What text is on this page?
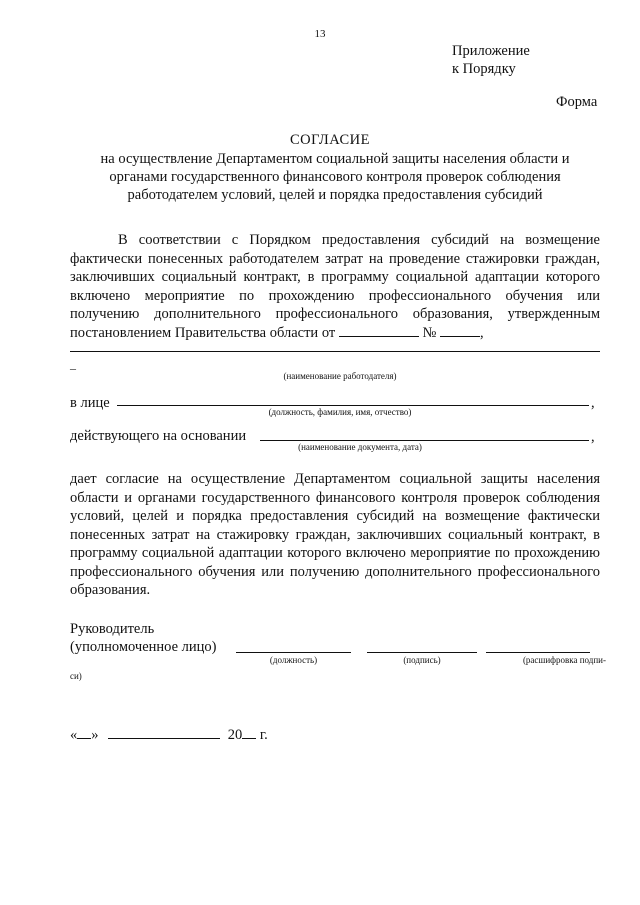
13
Приложение
к Порядку
Форма
СОГЛАСИЕ
на осуществление Департаментом социальной защиты населения области и органами государственного финансового контроля проверок соблюдения работодателем условий, целей и порядка предоставления субсидий
В соответствии с Порядком предоставления субсидий на возмещение фактически понесенных работодателем затрат на проведение стажировки граждан, заключивших социальный контракт, в программу социальной адаптации которого включено мероприятие по прохождению профессионального обучения или получению дополнительного профессионального образования, утвержденным постановлением Правительства области от	№	,
–
(наименование работодателя)
в лице	,
(должность, фамилия, имя, отчество)
действующего на основании	,
(наименование документа, дата)
дает согласие на осуществление Департаментом социальной защиты населения области и органами государственного финансового контроля проверок соблюдения условий, целей и порядка предоставления субсидий на возмещение фактически понесенных затрат на стажировку граждан, заключивших социальный контракт, в программу социальной адаптации которого включено мероприятие по прохождению профессионального обучения или получению дополнительного профессионального образования.
Руководитель
(уполномоченное лицо)
(должность)	(подпись)	(расшифровка подпи-
си)
« »	20 г.
